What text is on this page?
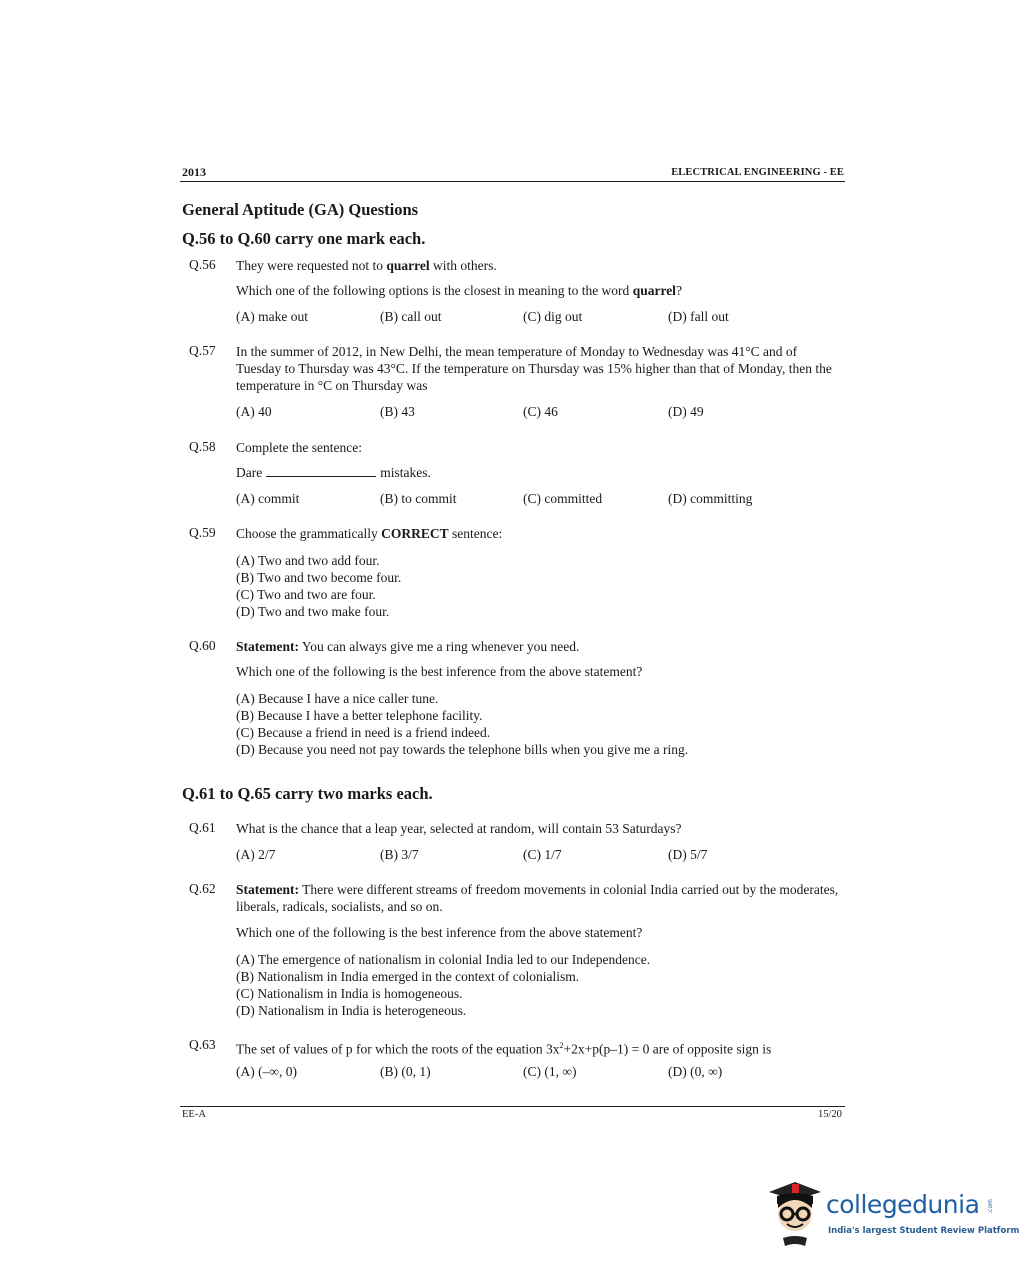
2013	ELECTRICAL ENGINEERING - EE
General Aptitude (GA) Questions
Q.56 to Q.60 carry one mark each.
Q.56 They were requested not to quarrel with others.
Which one of the following options is the closest in meaning to the word quarrel?
(A) make out	(B) call out	(C) dig out	(D) fall out
Q.57 In the summer of 2012, in New Delhi, the mean temperature of Monday to Wednesday was 41°C and of Tuesday to Thursday was 43°C. If the temperature on Thursday was 15% higher than that of Monday, then the temperature in °C on Thursday was
(A) 40	(B) 43	(C) 46	(D) 49
Q.58 Complete the sentence:
Dare	mistakes.
(A) commit	(B) to commit	(C) committed	(D) committing
Q.59 Choose the grammatically CORRECT sentence:
(A) Two and two add four.
(B) Two and two become four.
(C) Two and two are four.
(D) Two and two make four.
Q.60 Statement: You can always give me a ring whenever you need.
Which one of the following is the best inference from the above statement?
(A) Because I have a nice caller tune.
(B) Because I have a better telephone facility.
(C) Because a friend in need is a friend indeed.
(D) Because you need not pay towards the telephone bills when you give me a ring.
Q.61 to Q.65 carry two marks each.
Q.61 What is the chance that a leap year, selected at random, will contain 53 Saturdays?
(A) 2/7	(B) 3/7	(C) 1/7	(D) 5/7
Q.62 Statement: There were different streams of freedom movements in colonial India carried out by the moderates, liberals, radicals, socialists, and so on.
Which one of the following is the best inference from the above statement?
(A) The emergence of nationalism in colonial India led to our Independence.
(B) Nationalism in India emerged in the context of colonialism.
(C) Nationalism in India is homogeneous.
(D) Nationalism in India is heterogeneous.
Q.63 The set of values of p for which the roots of the equation $3x^2+2x+p(p-1) = 0$ are of opposite sign is
(A) (–∞, 0)	(B) (0, 1)	(C) (1, ∞)	(D) (0, ∞)
EE-A	15/20
collegedunia .com
India's largest Student Review Platform
